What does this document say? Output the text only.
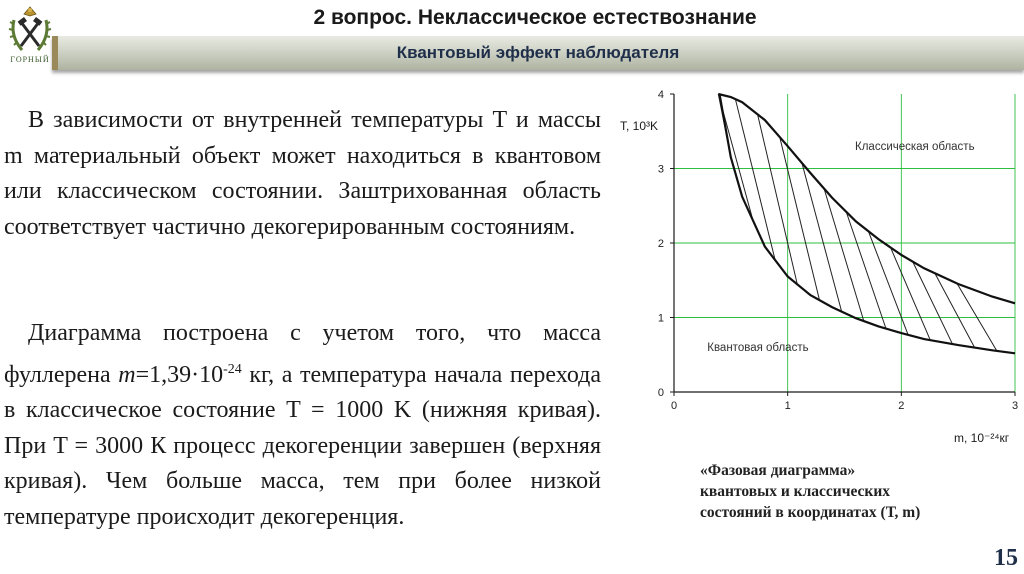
ГОРНЫЙ
2 вопрос. Неклассическое естествознание
Квантовый эффект наблюдателя
В зависимости от внутренней температуры T и массы m материальный объект может находиться в квантовом или классическом состоянии. Заштрихованная область соответствует частично декогерированным состояниям.
Диаграмма построена с учетом того, что масса фуллерена $m=1,39\cdot 10^{-24}$ кг, а температура начала перехода в классическое состояние T = 1000 K (нижняя кривая). При T = 3000 К процесс декогеренции завершен (верхняя кривая). Чем больше масса, тем при более низкой температуре происходит декогеренция.
0	1	2	3
0
1
2
3
4
T, 10³K
m, 10⁻²⁴кг
Классическая область
Квантовая область
«Фазовая диаграмма»
квантовых и классических
состояний в координатах (Т, m)
15
